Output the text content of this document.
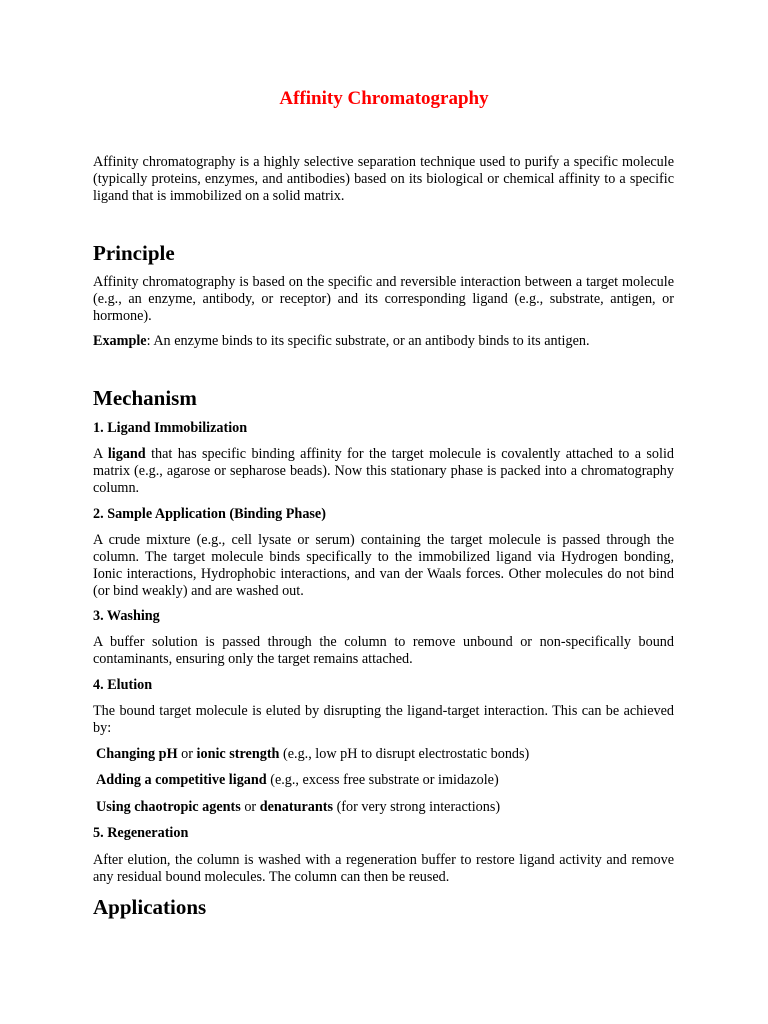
Affinity Chromatography

Affinity chromatography is a highly selective separation technique used to purify a specific molecule (typically proteins, enzymes, and antibodies) based on its biological or chemical affinity to a specific ligand that is immobilized on a solid matrix.

Principle

Affinity chromatography is based on the specific and reversible interaction between a target molecule (e.g., an enzyme, antibody, or receptor) and its corresponding ligand (e.g., substrate, antigen, or hormone).

Example: An enzyme binds to its specific substrate, or an antibody binds to its antigen.

Mechanism
1. Ligand Immobilization

A ligand that has specific binding affinity for the target molecule is covalently attached to a solid matrix (e.g., agarose or sepharose beads). Now this stationary phase is packed into a chromatography column.

2. Sample Application (Binding Phase)

A crude mixture (e.g., cell lysate or serum) containing the target molecule is passed through the column. The target molecule binds specifically to the immobilized ligand via Hydrogen bonding, Ionic interactions, Hydrophobic interactions, and van der Waals forces. Other molecules do not bind (or bind weakly) and are washed out.

3. Washing

A buffer solution is passed through the column to remove unbound or non-specifically bound contaminants, ensuring only the target remains attached.

4. Elution

The bound target molecule is eluted by disrupting the ligand-target interaction. This can be achieved by:

Changing pH or ionic strength (e.g., low pH to disrupt electrostatic bonds)

Adding a competitive ligand (e.g., excess free substrate or imidazole)

Using chaotropic agents or denaturants (for very strong interactions)

5. Regeneration

After elution, the column is washed with a regeneration buffer to restore ligand activity and remove any residual bound molecules. The column can then be reused.

Applications
